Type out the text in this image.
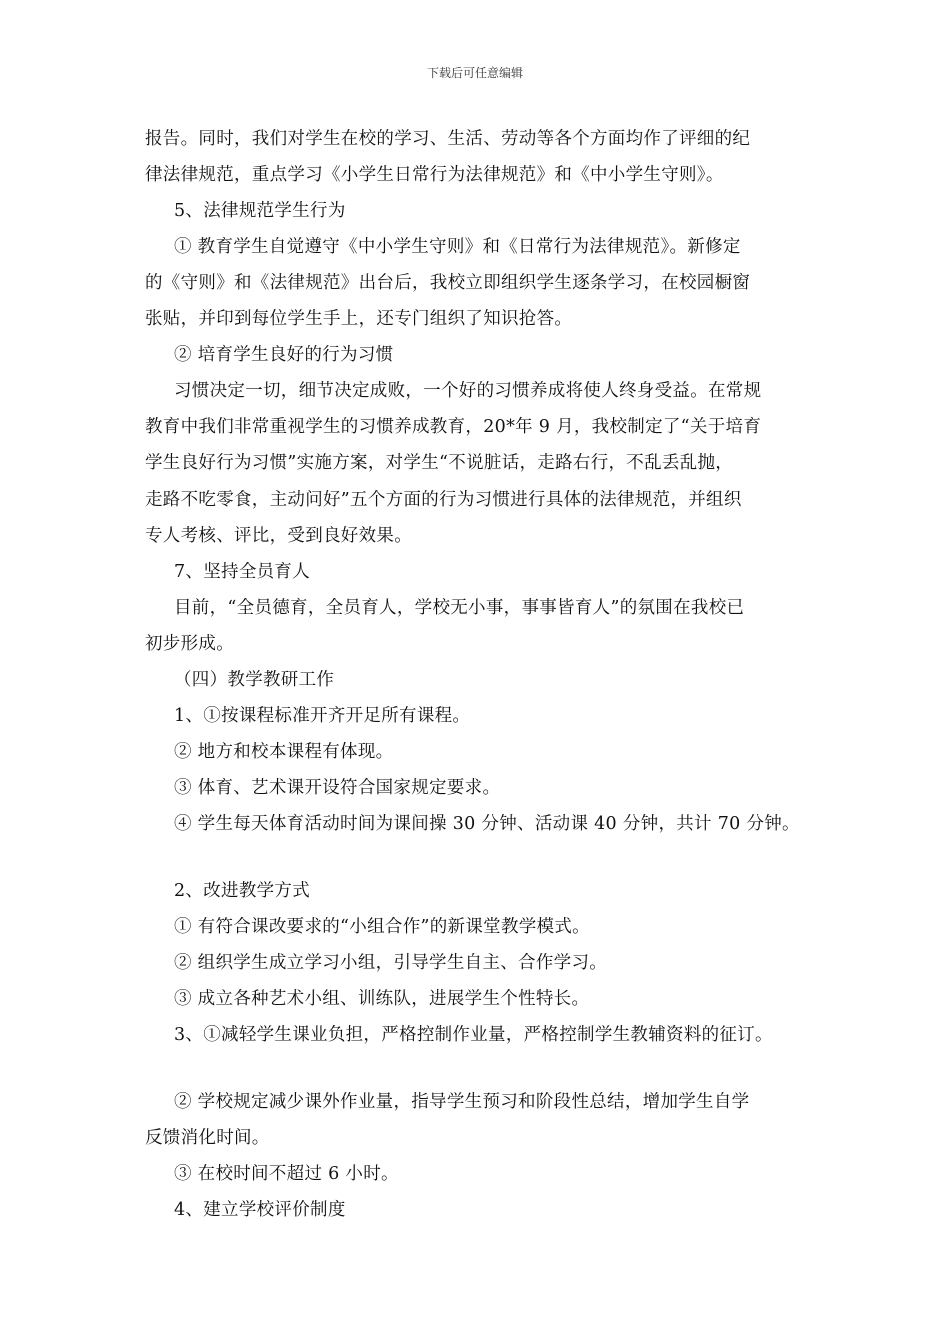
下载后可任意编辑
报告。同时，我们对学生在校的学习、生活、劳动等各个方面均作了评细的纪
律法律规范，重点学习《小学生日常行为法律规范》和《中小学生守则》。
5、法律规范学生行为
① 教育学生自觉遵守《中小学生守则》和《日常行为法律规范》。新修定
的《守则》和《法律规范》出台后，我校立即组织学生逐条学习，在校园橱窗
张贴，并印到每位学生手上，还专门组织了知识抢答。
② 培育学生良好的行为习惯
习惯决定一切，细节决定成败，一个好的习惯养成将使人终身受益。在常规
教育中我们非常重视学生的习惯养成教育，20*年 9 月，我校制定了“关于培育
学生良好行为习惯”实施方案，对学生“不说脏话，走路右行，不乱丢乱抛，
走路不吃零食，主动问好”五个方面的行为习惯进行具体的法律规范，并组织
专人考核、评比，受到良好效果。
7、坚持全员育人
目前，“全员德育，全员育人，学校无小事，事事皆育人”的氛围在我校已
初步形成。
（四）教学教研工作
1、①按课程标准开齐开足所有课程。
② 地方和校本课程有体现。
③ 体育、艺术课开设符合国家规定要求。
④ 学生每天体育活动时间为课间操 30 分钟、活动课 40 分钟，共计 70 分钟。
2、改进教学方式
① 有符合课改要求的“小组合作”的新课堂教学模式。
② 组织学生成立学习小组，引导学生自主、合作学习。
③ 成立各种艺术小组、训练队，进展学生个性特长。
3、①减轻学生课业负担，严格控制作业量，严格控制学生教辅资料的征订。
② 学校规定减少课外作业量，指导学生预习和阶段性总结，增加学生自学
反馈消化时间。
③ 在校时间不超过 6 小时。
4、建立学校评价制度
